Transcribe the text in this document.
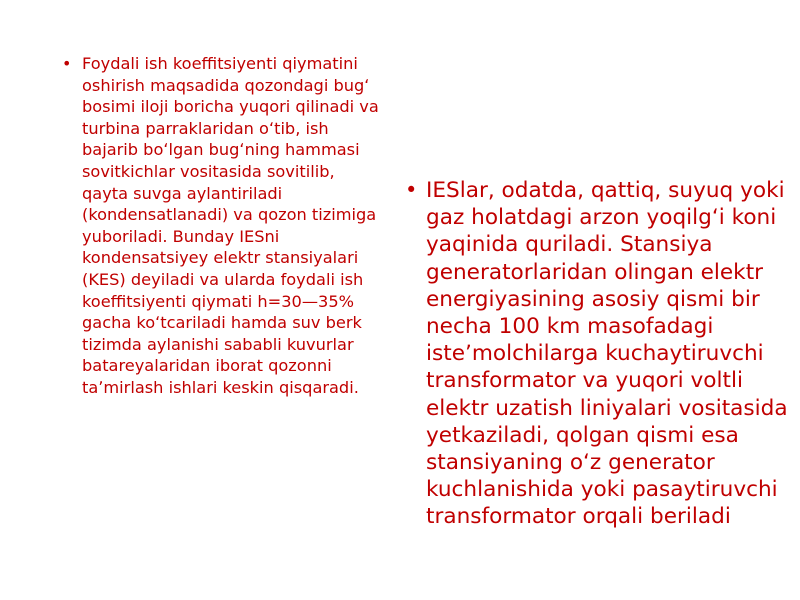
• Foydali ish koeffitsiyenti qiymatini oshirish maqsadida qozondagi bugʻ bosimi iloji boricha yuqori qilinadi va turbina parraklaridan oʻtib, ish bajarib boʻlgan bugʻning hammasi sovitkichlar vositasida sovitilib, qayta suvga aylantiriladi (kondensatlanadi) va qozon tizimiga yuboriladi. Bunday IESni kondensatsiyey elektr stansiyalari (KES) deyiladi va ularda foydali ish koeffitsiyenti qiymati h=30—35% gacha koʻtcariladi hamda suv berk tizimda aylanishi sababli kuvurlar batareyalaridan iborat qozonni taʼmirlash ishlari keskin qisqaradi.
• IESlar, odatda, qattiq, suyuq yoki gaz holatdagi arzon yoqilgʻi koni yaqinida quriladi. Stansiya generatorlaridan olingan elektr energiyasining asosiy qismi bir necha 100 km masofadagi isteʼmolchilarga kuchaytiruvchi transformator va yuqori voltli elektr uzatish liniyalari vositasida yetkaziladi, qolgan qismi esa stansiyaning oʻz generator kuchlanishida yoki pasaytiruvchi transformator orqali beriladi
